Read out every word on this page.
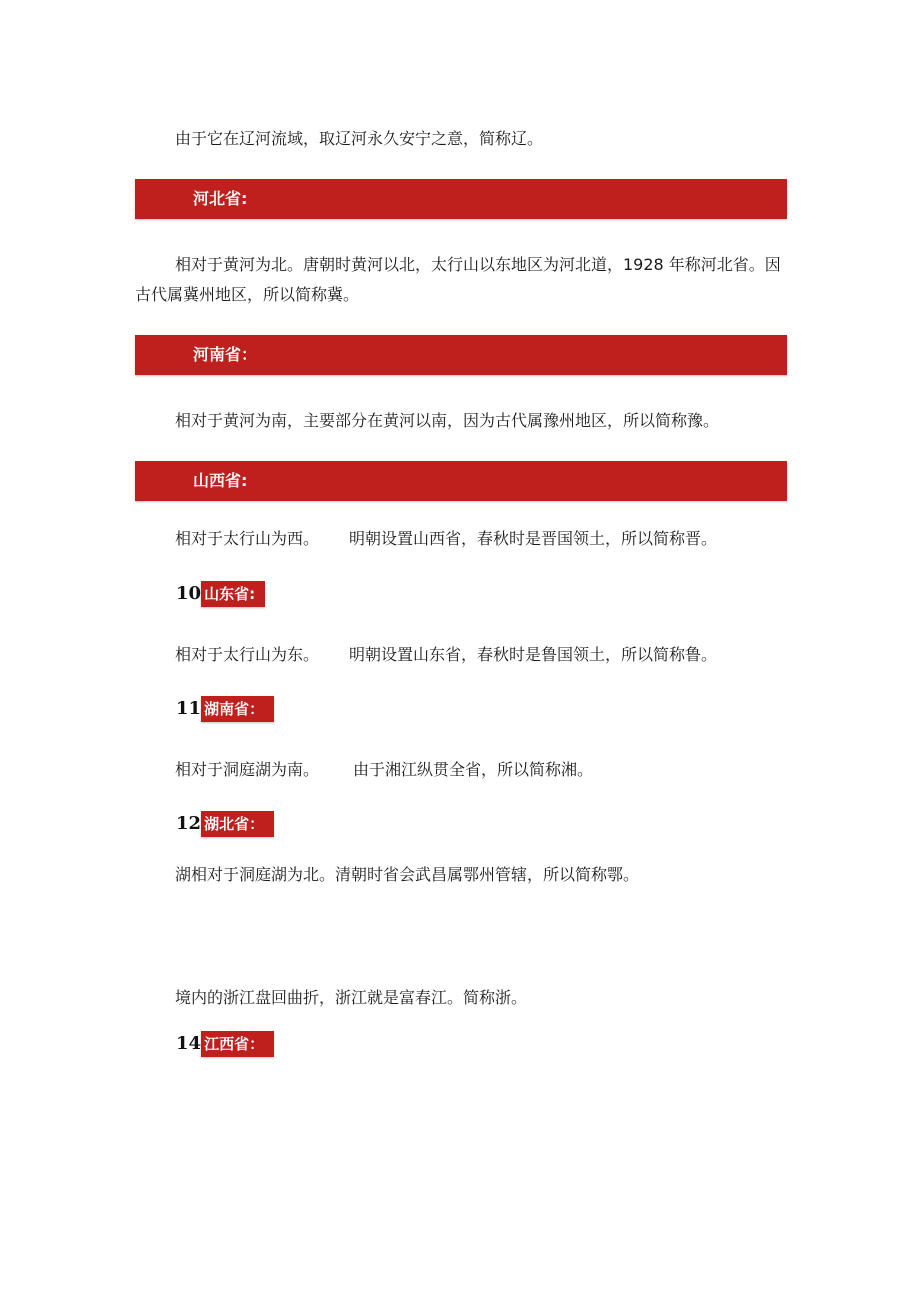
由于它在辽河流域，取辽河永久安宁之意，简称辽。

河北省:

相对于黄河为北。唐朝时黄河以北，太行山以东地区为河北道，1928 年称河北省。因古代属冀州地区，所以简称冀。

河南省：

相对于黄河为南，主要部分在黄河以南，因为古代属豫州地区，所以简称豫。

山西省:

相对于太行山为西。 明朝设置山西省，春秋时是晋国领土，所以简称晋。

10 山东省:

相对于太行山为东。 明朝设置山东省，春秋时是鲁国领土，所以简称鲁。

11 湖南省：

相对于洞庭湖为南。 由于湘江纵贯全省，所以简称湘。

12 湖北省：

湖相对于洞庭湖为北。清朝时省会武昌属鄂州管辖，所以简称鄂。

境内的浙江盘回曲折，浙江就是富春江。简称浙。

14 江西省：
